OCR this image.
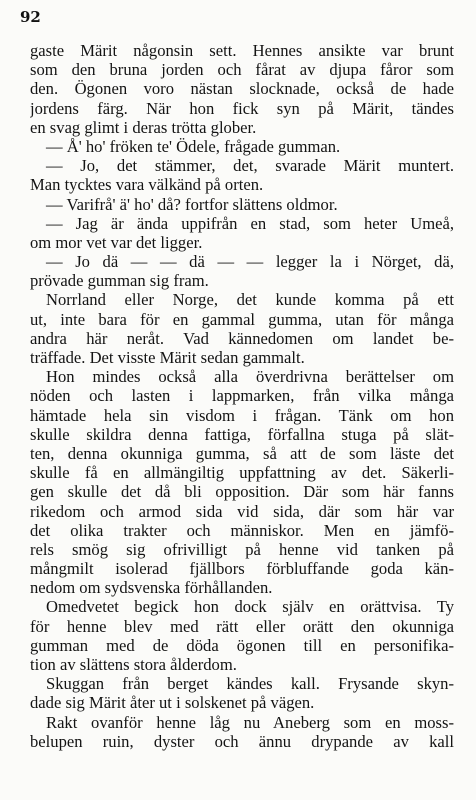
92
gaste Märit någonsin sett. Hennes ansikte var brunt
som den bruna jorden och fårat av djupa fåror som
den. Ögonen voro nästan slocknade, också de hade
jordens färg. När hon fick syn på Märit, tändes
en svag glimt i deras trötta glober.
— Å' ho' fröken te' Ödele, frågade gumman.
— Jo, det stämmer, det, svarade Märit muntert.
Man tycktes vara välkänd på orten.
— Varifrå' ä' ho' då? fortfor slättens oldmor.
— Jag är ända uppifrån en stad, som heter Umeå,
om mor vet var det ligger.
— Jo dä — — dä — — legger la i Nörget, dä,
prövade gumman sig fram.
Norrland eller Norge, det kunde komma på ett
ut, inte bara för en gammal gumma, utan för många
andra här neråt. Vad kännedomen om landet be-
träffade. Det visste Märit sedan gammalt.
Hon mindes också alla överdrivna berättelser om
nöden och lasten i lappmarken, från vilka många
hämtade hela sin visdom i frågan. Tänk om hon
skulle skildra denna fattiga, förfallna stuga på slät-
ten, denna okunniga gumma, så att de som läste det
skulle få en allmängiltig uppfattning av det. Säkerli-
gen skulle det då bli opposition. Där som här fanns
rikedom och armod sida vid sida, där som här var
det olika trakter och människor. Men en jämfö-
rels smög sig ofrivilligt på henne vid tanken på
mångmilt isolerad fjällbors förbluffande goda kän-
nedom om sydsvenska förhållanden.
Omedvetet begick hon dock själv en orättvisa. Ty
för henne blev med rätt eller orätt den okunniga
gumman med de döda ögonen till en personifika-
tion av slättens stora ålderdom.
Skuggan från berget kändes kall. Frysande skyn-
dade sig Märit åter ut i solskenet på vägen.
Rakt ovanför henne låg nu Aneberg som en moss-
belupen ruin, dyster och ännu drypande av kall
